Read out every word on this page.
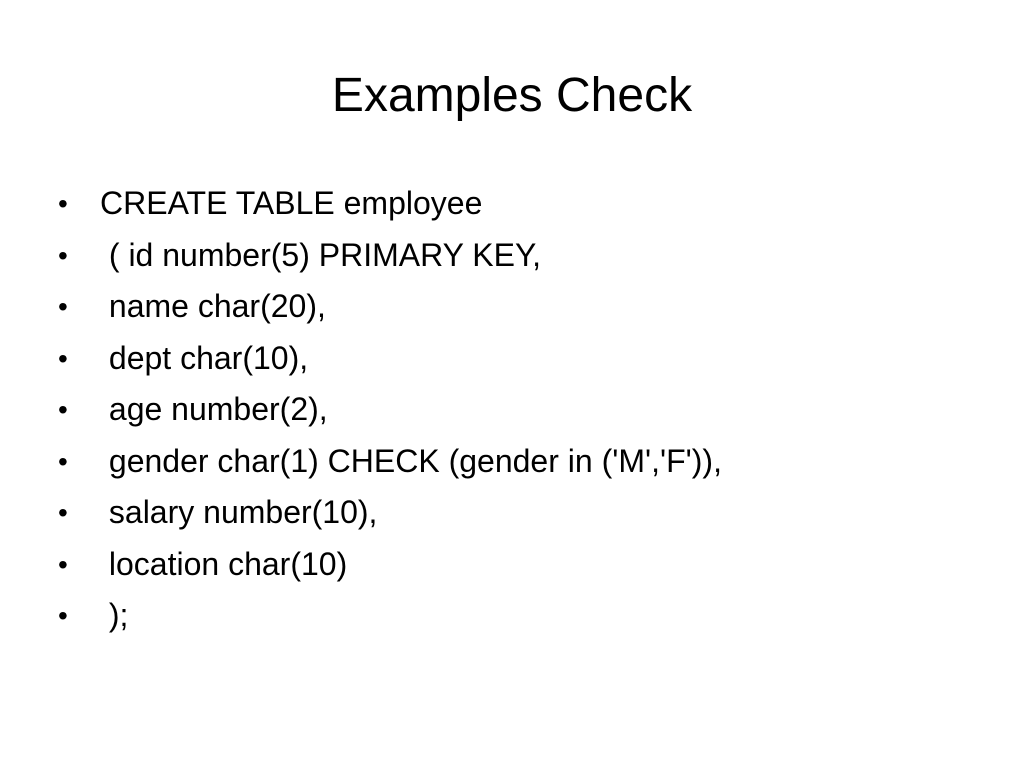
Examples Check
•	CREATE TABLE employee
•	( id number(5) PRIMARY KEY,
•	name char(20),
•	dept char(10),
•	age number(2),
•	gender char(1) CHECK (gender in ('M','F')),
•	salary number(10),
•	location char(10)
•	);
